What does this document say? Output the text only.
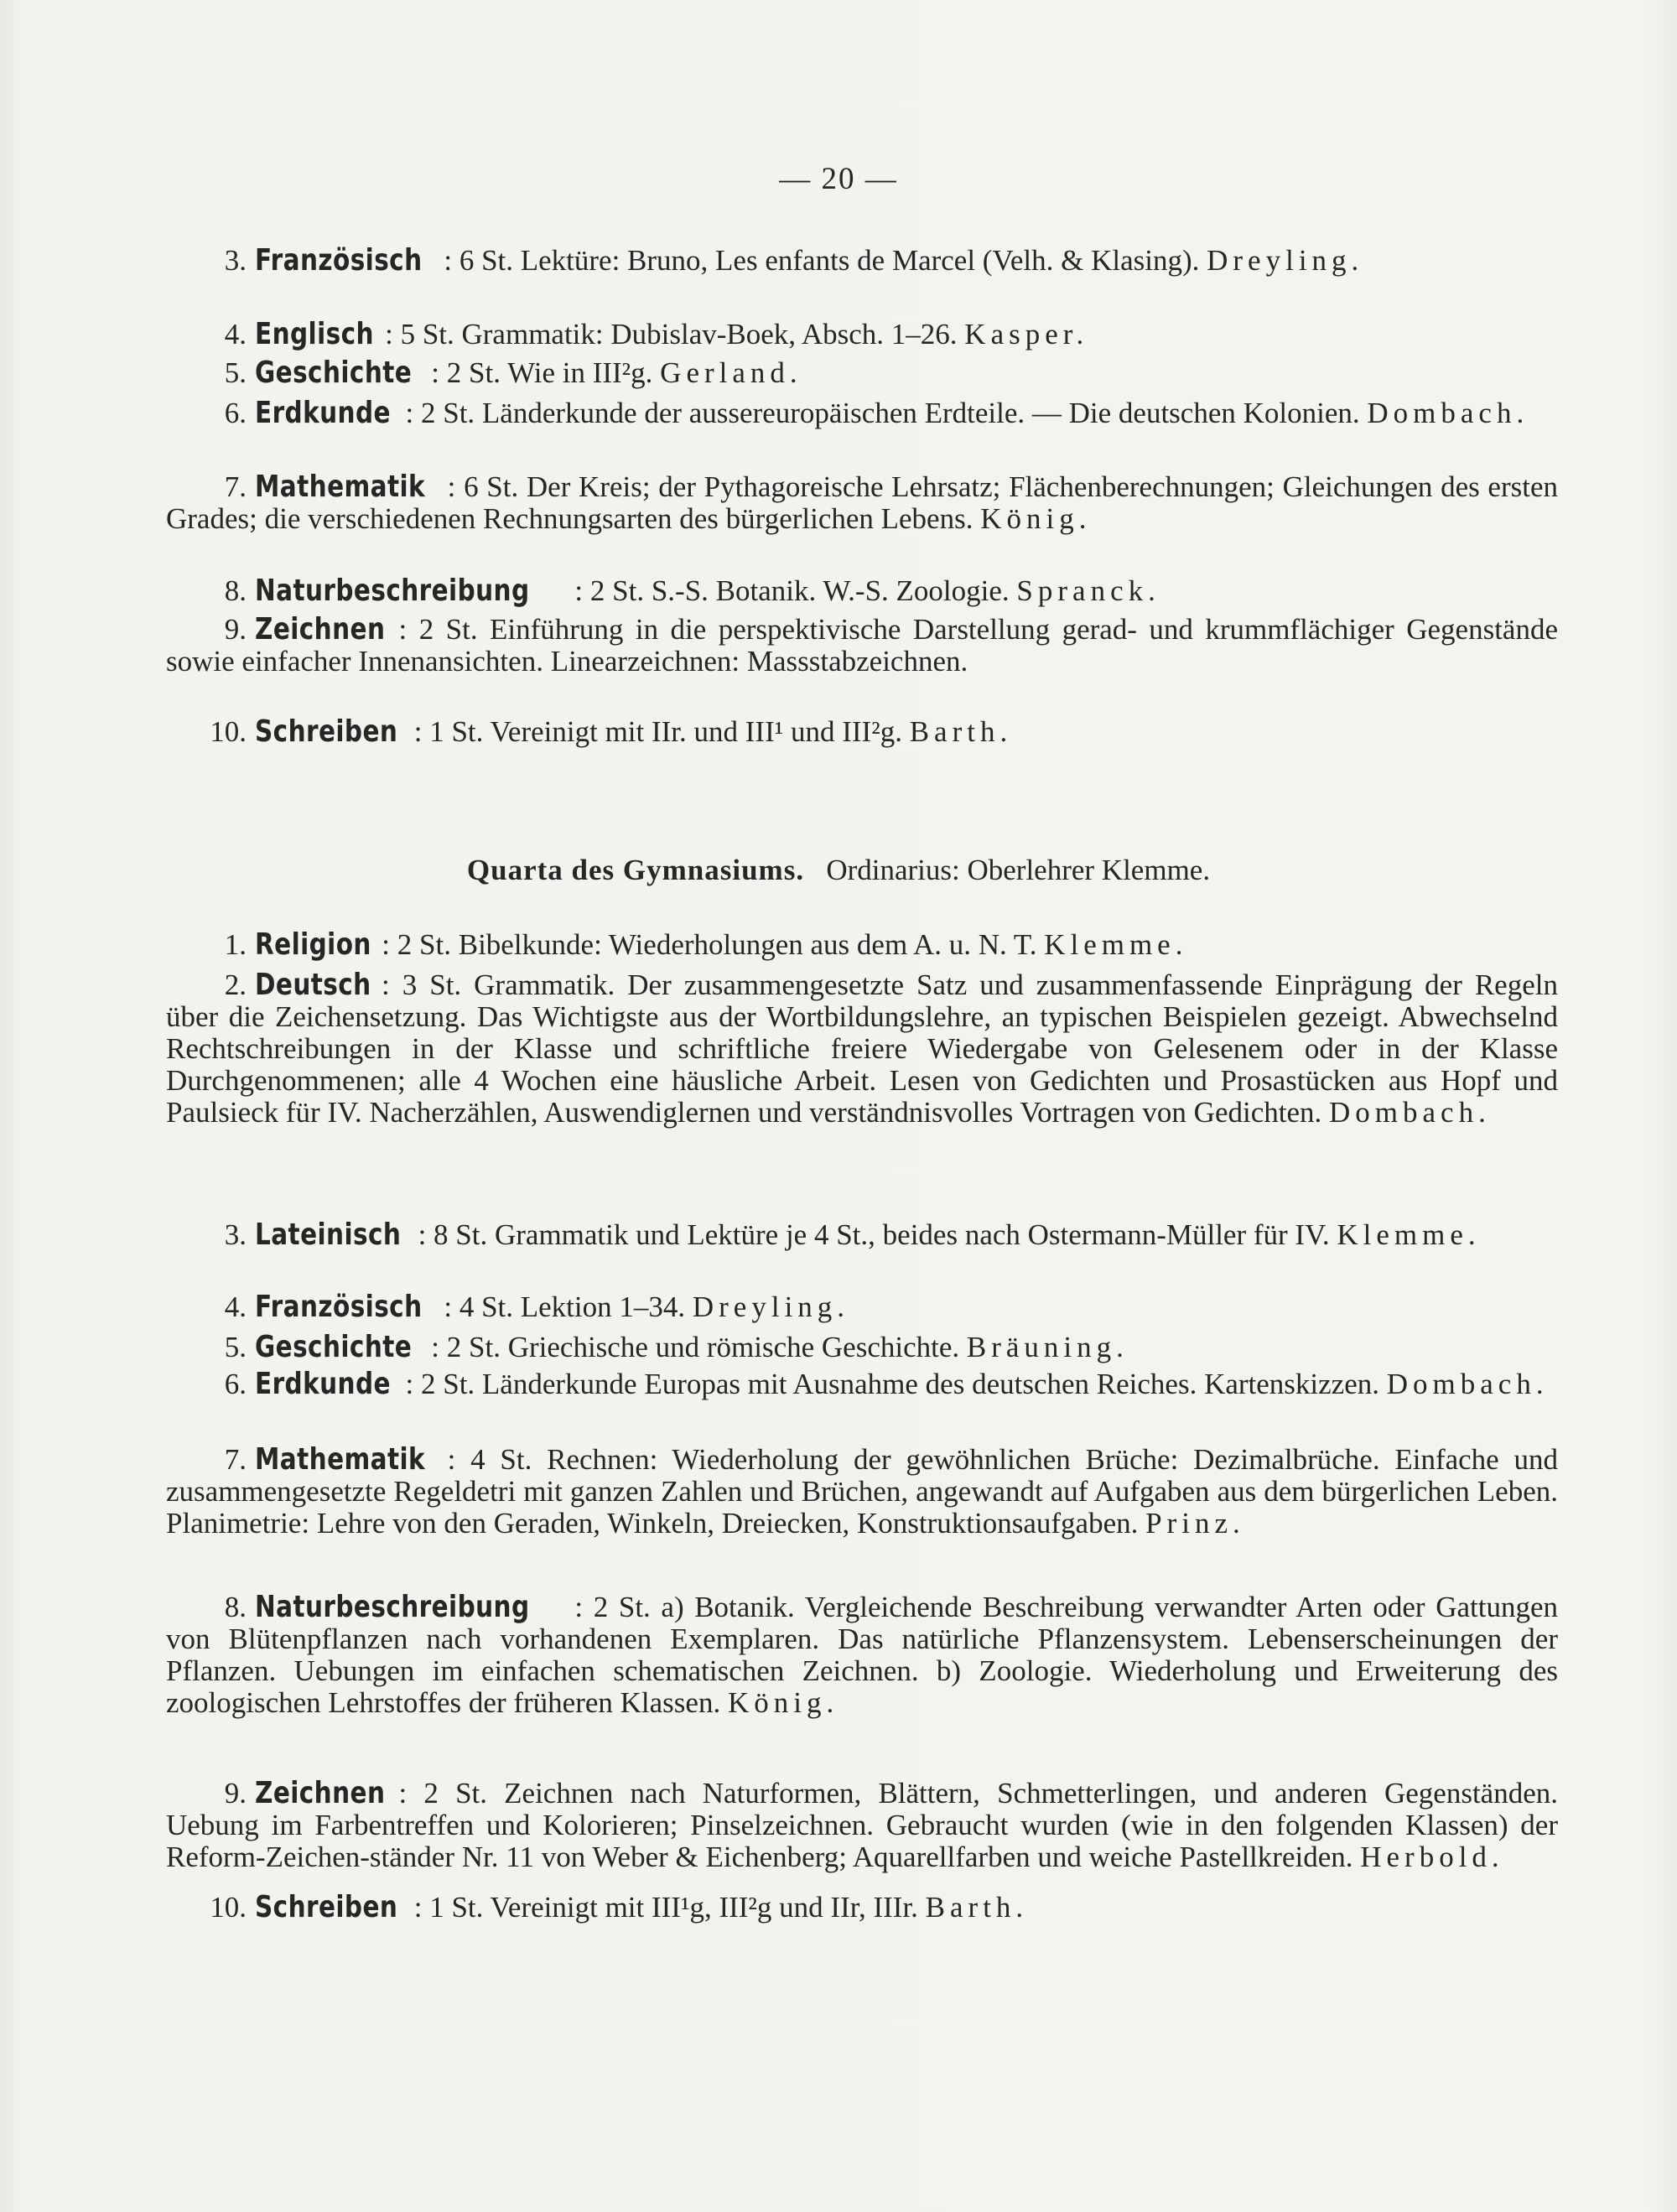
— 20 —
3. Französisch : 6 St. Lektüre: Bruno, Les enfants de Marcel (Velh. & Klasing). Dreyling.
4. Englisch : 5 St. Grammatik: Dubislav-Boek, Absch. 1–26. Kasper.
5. Geschichte : 2 St. Wie in III²g. Gerland.
6. Erdkunde : 2 St. Länderkunde der aussereuropäischen Erdteile. — Die deutschen Kolonien. Dombach.
7. Mathematik : 6 St. Der Kreis; der Pythagoreische Lehrsatz; Flächenberechnungen; Gleichungen des ersten Grades; die verschiedenen Rechnungsarten des bürgerlichen Lebens. König.
8. Naturbeschreibung : 2 St. S.-S. Botanik. W.-S. Zoologie. Spranck.
9. Zeichnen : 2 St. Einführung in die perspektivische Darstellung gerad- und krummflächiger Gegenstände sowie einfacher Innenansichten. Linearzeichnen: Massstabzeichnen.
10. Schreiben : 1 St. Vereinigt mit IIr. und III¹ und III²g. Barth.
Quarta des Gymnasiums. Ordinarius: Oberlehrer Klemme.
1. Religion : 2 St. Bibelkunde: Wiederholungen aus dem A. u. N. T. Klemme.
2. Deutsch : 3 St. Grammatik. Der zusammengesetzte Satz und zusammenfassende Einprägung der Regeln über die Zeichensetzung. Das Wichtigste aus der Wortbildungslehre, an typischen Beispielen gezeigt. Abwechselnd Rechtschreibungen in der Klasse und schriftliche freiere Wiedergabe von Gelesenem oder in der Klasse Durchgenommenen; alle 4 Wochen eine häusliche Arbeit. Lesen von Gedichten und Prosastücken aus Hopf und Paulsieck für IV. Nacherzählen, Auswendiglernen und verständnisvolles Vortragen von Gedichten. Dombach.
3. Lateinisch : 8 St. Grammatik und Lektüre je 4 St., beides nach Ostermann-Müller für IV. Klemme.
4. Französisch : 4 St. Lektion 1–34. Dreyling.
5. Geschichte : 2 St. Griechische und römische Geschichte. Bräuning.
6. Erdkunde : 2 St. Länderkunde Europas mit Ausnahme des deutschen Reiches. Kartenskizzen. Dombach.
7. Mathematik : 4 St. Rechnen: Wiederholung der gewöhnlichen Brüche: Dezimalbrüche. Einfache und zusammengesetzte Regeldetri mit ganzen Zahlen und Brüchen, angewandt auf Aufgaben aus dem bürgerlichen Leben. Planimetrie: Lehre von den Geraden, Winkeln, Dreiecken, Konstruktionsaufgaben. Prinz.
8. Naturbeschreibung : 2 St. a) Botanik. Vergleichende Beschreibung verwandter Arten oder Gattungen von Blütenpflanzen nach vorhandenen Exemplaren. Das natürliche Pflanzensystem. Lebenserscheinungen der Pflanzen. Uebungen im einfachen schematischen Zeichnen. b) Zoologie. Wiederholung und Erweiterung des zoologischen Lehrstoffes der früheren Klassen. König.
9. Zeichnen : 2 St. Zeichnen nach Naturformen, Blättern, Schmetterlingen, und anderen Gegenständen. Uebung im Farbentreffen und Kolorieren; Pinselzeichnen. Gebraucht wurden (wie in den folgenden Klassen) der Reform-Zeichen-ständer Nr. 11 von Weber & Eichenberg; Aquarellfarben und weiche Pastellkreiden. Herbold.
10. Schreiben : 1 St. Vereinigt mit III¹g, III²g und IIr, IIIr. Barth.
